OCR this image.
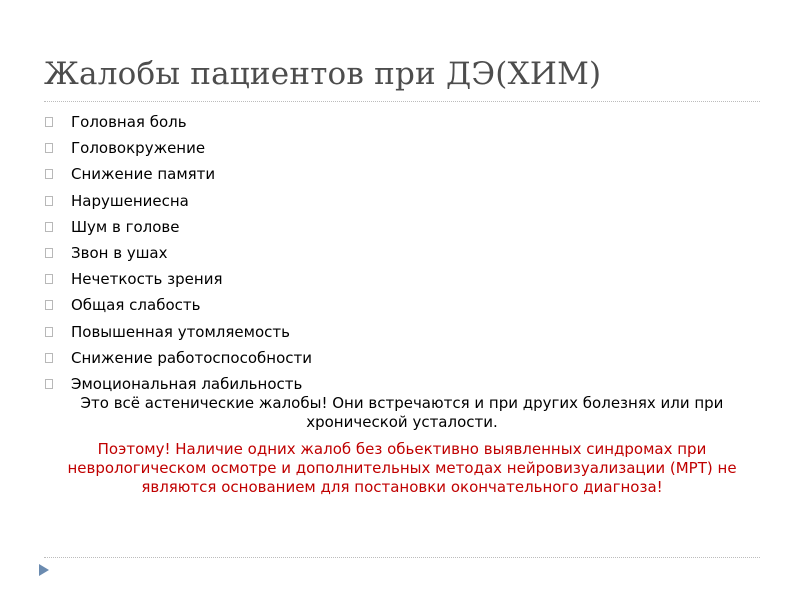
Жалобы пациентов при ДЭ(ХИМ)
Головная боль
Головокружение
Снижение памяти
Нарушениесна
Шум в голове
Звон в ушах
Нечеткость зрения
Общая слабость
Повышенная утомляемость
Снижение работоспособности
Эмоциональная лабильность

Это всё астенические жалобы! Они встречаются и при других болезнях или при хронической усталости.

Поэтому! Наличие одних жалоб без обьективно выявленных синдромах при неврологическом осмотре и дополнительных методах нейровизуализации (МРТ) не являются основанием для постановки окончательного диагноза!
